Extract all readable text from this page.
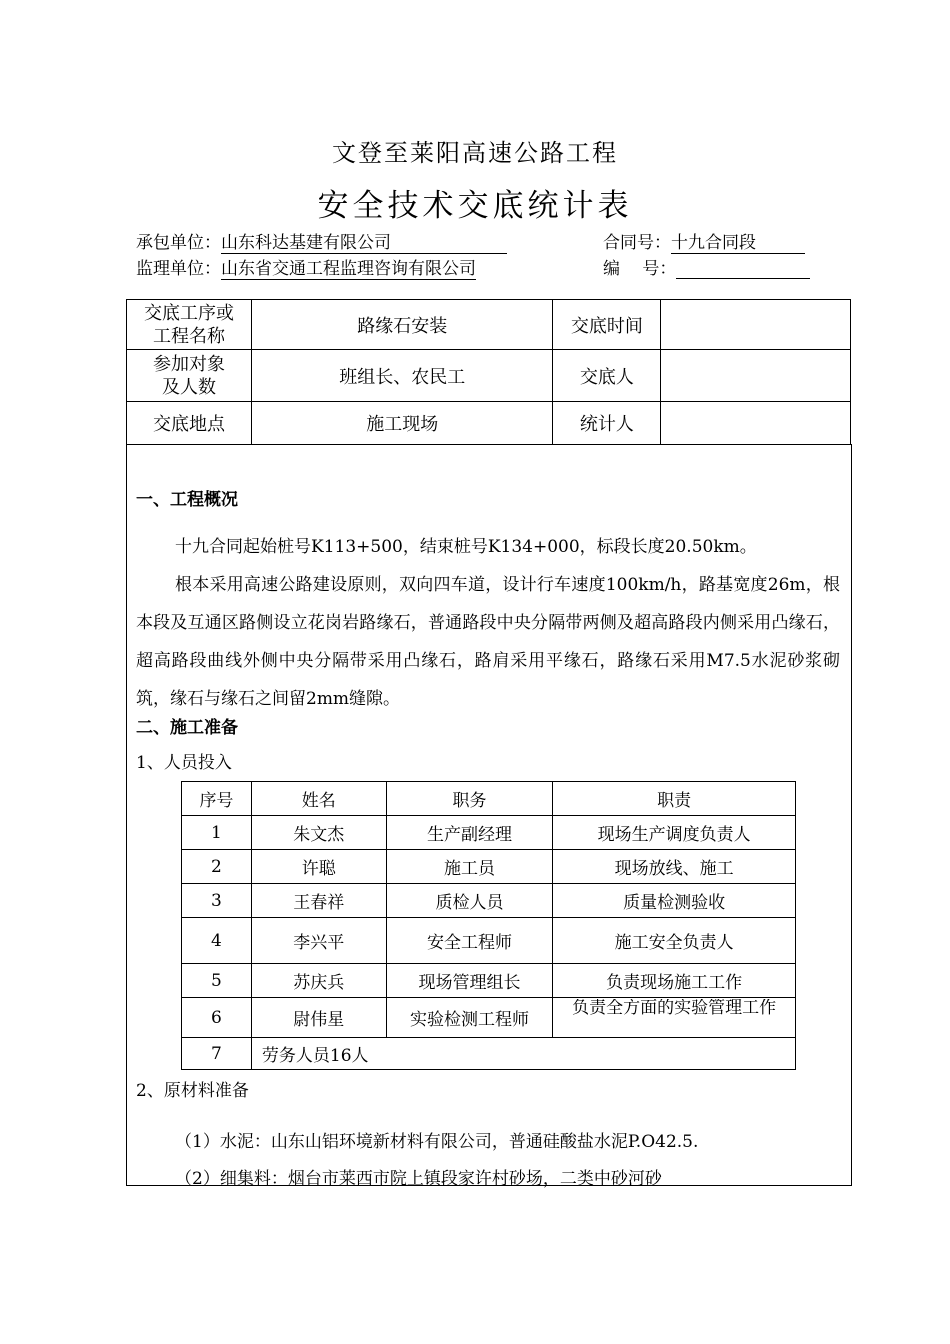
文登至莱阳高速公路工程
安全技术交底统计表
承包单位：山东科达基建有限公司	合同号：十九合同段
监理单位：山东省交通工程监理咨询有限公司	编　 号：
交底工序或工程名称	路缘石安装	交底时间	

参加对象及人数	班组长、农民工	交底人	
交底地点	施工现场	统计人	
一、工程概况
十九合同起始桩号K113+500，结束桩号K134+000，标段长度20.50km。
根本采用高速公路建设原则，双向四车道，设计行车速度100km/h，路基宽度26m，根本段及互通区路侧设立花岗岩路缘石，普通路段中央分隔带两侧及超高路段内侧采用凸缘石，超高路段曲线外侧中央分隔带采用凸缘石，路肩采用平缘石，路缘石采用M7.5水泥砂浆砌筑，缘石与缘石之间留2mm缝隙。
二、施工准备
1、人员投入
序号	姓名	职务	职责
1	朱文杰	生产副经理	现场生产调度负责人
2	许聪	施工员	现场放线、施工
3	王春祥	质检人员	质量检测验收
4	李兴平	安全工程师	施工安全负责人
5	苏庆兵	现场管理组长	负责现场施工工作
6	尉伟星	实验检测工程师	负责全方面的实验管理工作

7	劳务人员16人		
2、原材料准备
（1）水泥：山东山铝环境新材料有限公司，普通硅酸盐水泥P.O42.5.
（2）细集料：烟台市莱西市院上镇段家许村砂场，二类中砂河砂
